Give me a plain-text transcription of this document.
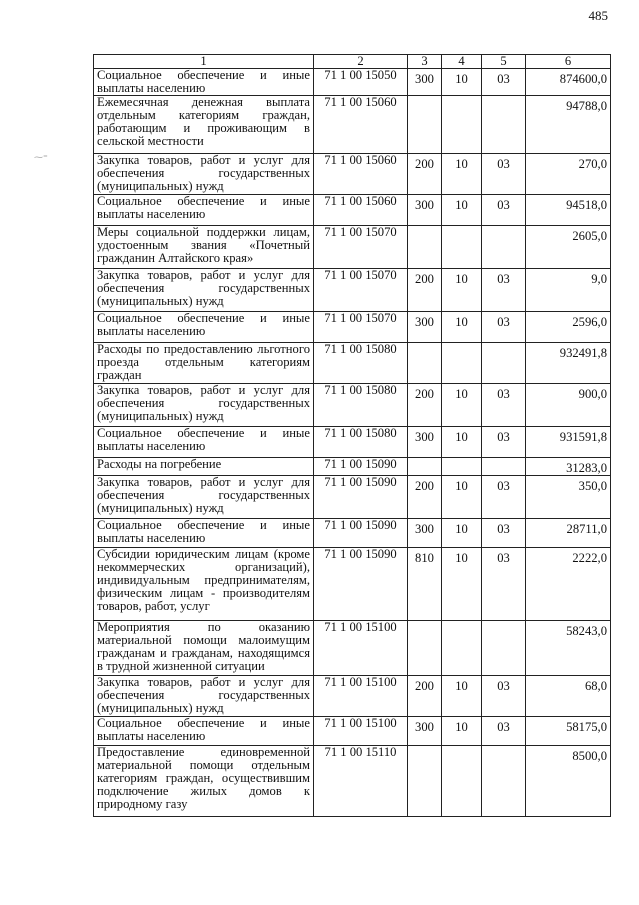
485
⁓⁼
1	2	3	4	5	6
Социальное обеспечение и иные выплаты населению	71 1 00 15050	300	10	03	874600,0
Ежемесячная денежная выплата отдельным категориям граждан, работающим и проживающим в сельской местности	71 1 00 15060				94788,0
Закупка товаров, работ и услуг для обеспечения государственных (муниципальных) нужд	71 1 00 15060	200	10	03	270,0
Социальное обеспечение и иные выплаты населению	71 1 00 15060	300	10	03	94518,0
Меры социальной поддержки лицам, удостоенным звания «Почетный гражданин Алтайского края»	71 1 00 15070				2605,0
Закупка товаров, работ и услуг для обеспечения государственных (муниципальных) нужд	71 1 00 15070	200	10	03	9,0
Социальное обеспечение и иные выплаты населению	71 1 00 15070	300	10	03	2596,0
Расходы по предоставлению льготного проезда отдельным категориям граждан	71 1 00 15080				932491,8
Закупка товаров, работ и услуг для обеспечения государственных (муниципальных) нужд	71 1 00 15080	200	10	03	900,0
Социальное обеспечение и иные выплаты населению	71 1 00 15080	300	10	03	931591,8
Расходы на погребение	71 1 00 15090				31283,0
Закупка товаров, работ и услуг для обеспечения государственных (муниципальных) нужд	71 1 00 15090	200	10	03	350,0
Социальное обеспечение и иные выплаты населению	71 1 00 15090	300	10	03	28711,0
Субсидии юридическим лицам (кроме некоммерческих организаций), индивидуальным предпринимателям, физическим лицам - производителям товаров, работ, услуг	71 1 00 15090	810	10	03	2222,0
Мероприятия по оказанию материальной помощи малоимущим гражданам и гражданам, находящимся в трудной жизненной ситуации	71 1 00 15100				58243,0
Закупка товаров, работ и услуг для обеспечения государственных (муниципальных) нужд	71 1 00 15100	200	10	03	68,0
Социальное обеспечение и иные выплаты населению	71 1 00 15100	300	10	03	58175,0
Предоставление единовременной материальной помощи отдельным категориям граждан, осуществившим подключение жилых домов к природному газу	71 1 00 15110				8500,0
